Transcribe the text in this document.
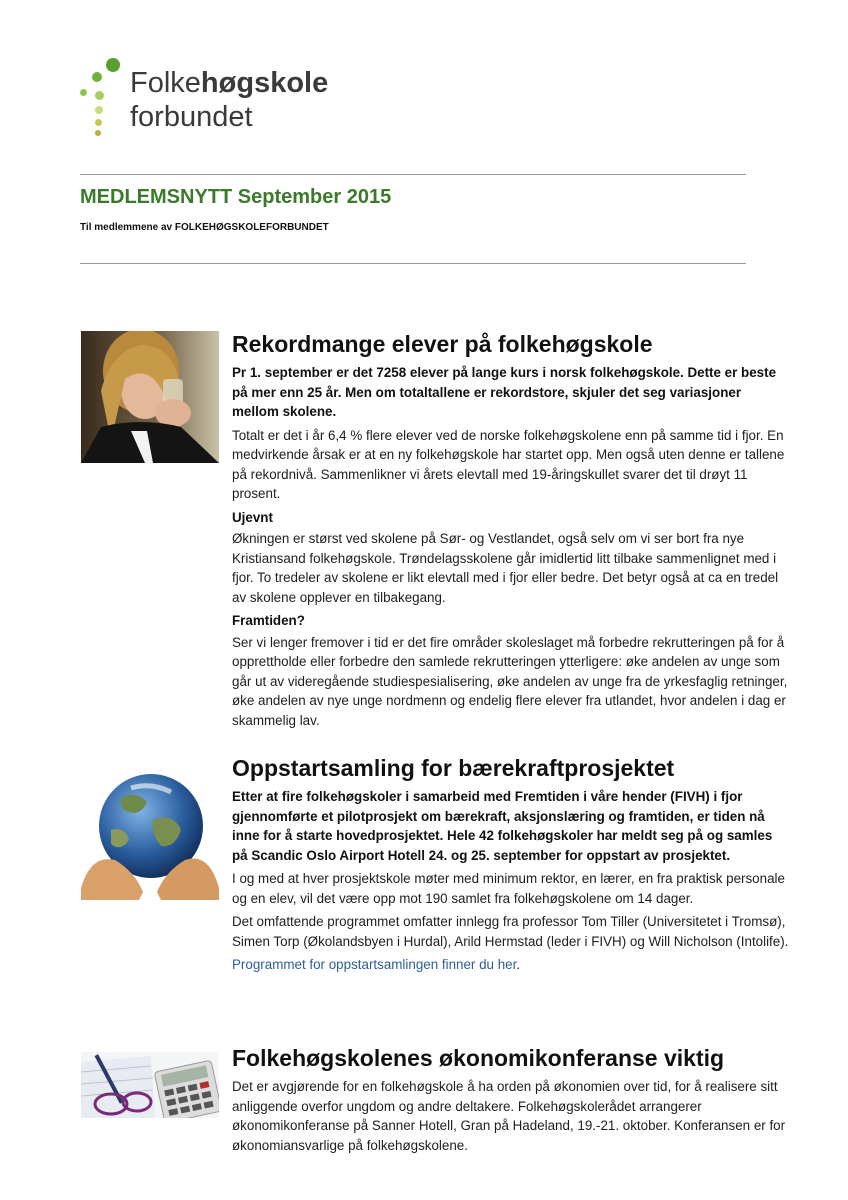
Folkehøgskole
forbundet
MEDLEMSNYTT September 2015
Til medlemmene av FOLKEHØGSKOLEFORBUNDET
Rekordmange elever på folkehøgskole

Pr 1. september er det 7258 elever på lange kurs i norsk folkehøgskole. Dette er beste på mer enn 25 år. Men om totaltallene er rekordstore, skjuler det seg variasjoner mellom skolene.

Totalt er det i år 6,4 % flere elever ved de norske folkehøgskolene enn på samme tid i fjor. En medvirkende årsak er at en ny folkehøgskole har startet opp. Men også uten denne er tallene på rekordnivå. Sammenlikner vi årets elevtall med 19-åringskullet svarer det til drøyt 11 prosent.

Ujevnt

Økningen er størst ved skolene på Sør- og Vestlandet, også selv om vi ser bort fra nye Kristiansand folkehøgskole. Trøndelagsskolene går imidlertid litt tilbake sammenlignet med i fjor. To tredeler av skolene er likt elevtall med i fjor eller bedre. Det betyr også at ca en tredel av skolene opplever en tilbakegang.

Framtiden?

Ser vi lenger fremover i tid er det fire områder skoleslaget må forbedre rekrutteringen på for å opprettholde eller forbedre den samlede rekrutteringen ytterligere: øke andelen av unge som går ut av videregående studiespesialisering, øke andelen av unge fra de yrkesfaglig retninger, øke andelen av nye unge nordmenn og endelig flere elever fra utlandet, hvor andelen i dag er skammelig lav.

Oppstartsamling for bærekraftprosjektet

Etter at fire folkehøgskoler i samarbeid med Fremtiden i våre hender (FIVH) i fjor gjennomførte et pilotprosjekt om bærekraft, aksjonslæring og framtiden, er tiden nå inne for å starte hovedprosjektet. Hele 42 folkehøgskoler har meldt seg på og samles på Scandic Oslo Airport Hotell 24. og 25. september for oppstart av prosjektet.

I og med at hver prosjektskole møter med minimum rektor, en lærer, en fra praktisk personale og en elev, vil det være opp mot 190 samlet fra folkehøgskolene om 14 dager.

Det omfattende programmet omfatter innlegg fra professor Tom Tiller (Universitetet i Tromsø), Simen Torp (Økolandsbyen i Hurdal), Arild Hermstad (leder i FIVH) og Will Nicholson (Intolife).

Programmet for oppstartsamlingen finner du her.

Folkehøgskolenes økonomikonferanse viktig

Det er avgjørende for en folkehøgskole å ha orden på økonomien over tid, for å realisere sitt anliggende overfor ungdom og andre deltakere. Folkehøgskolerådet arrangerer økonomikonferanse på Sanner Hotell, Gran på Hadeland, 19.-21. oktober. Konferansen er for økonomiansvarlige på folkehøgskolene.
